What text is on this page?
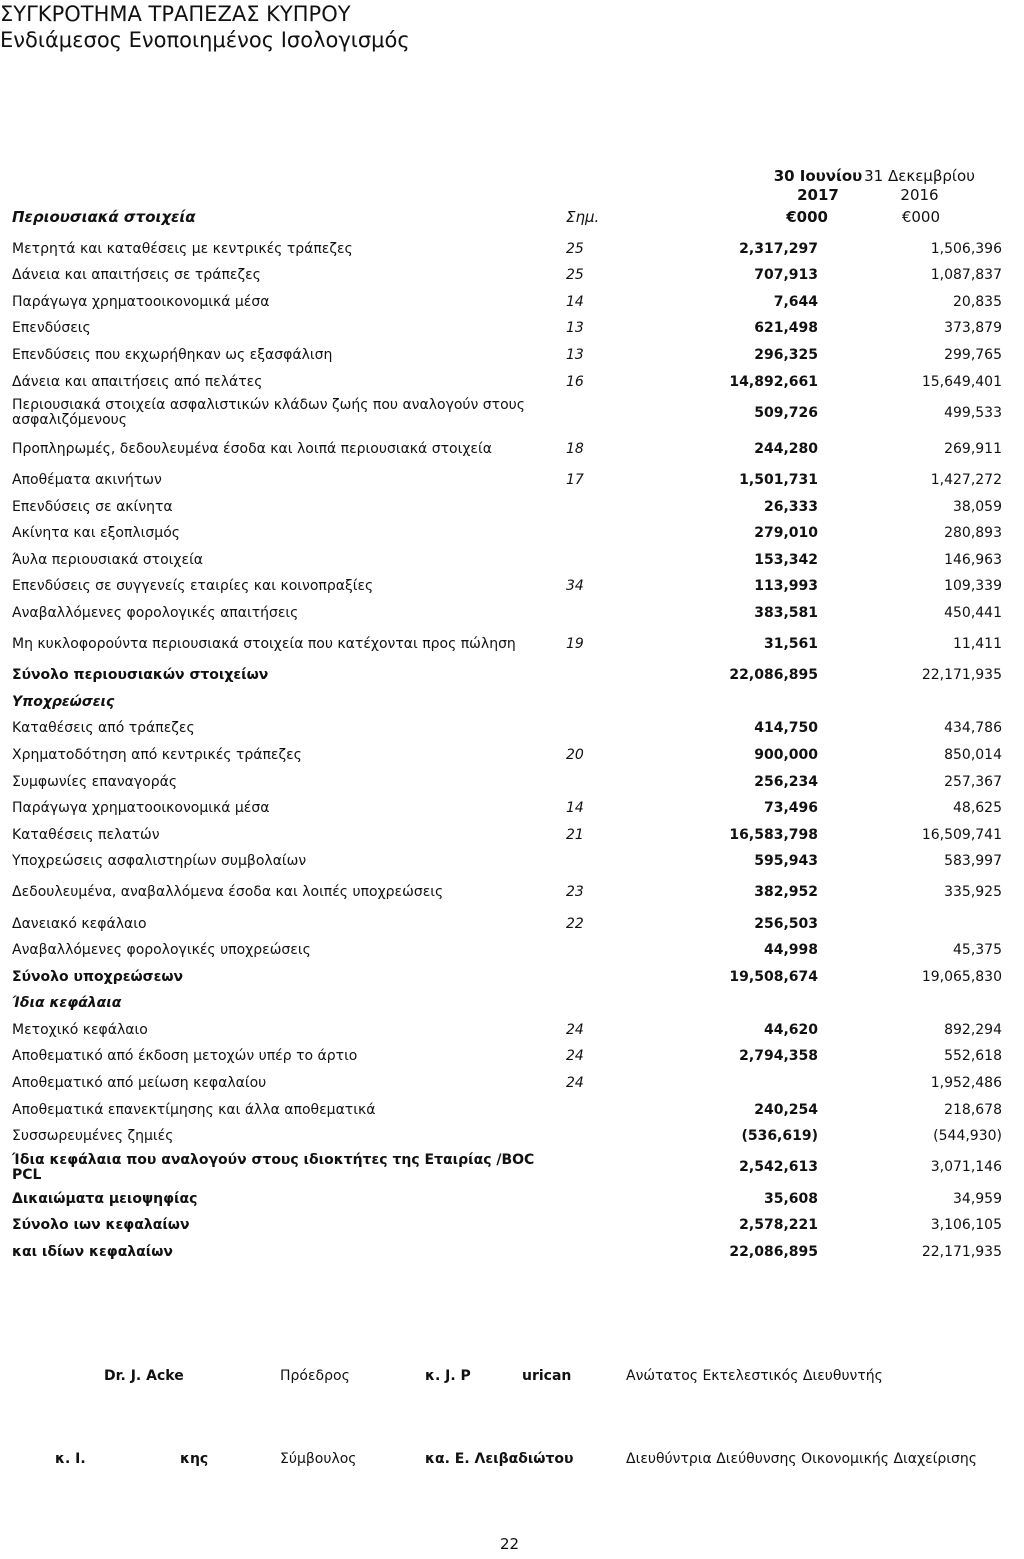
ΣΥΓΚΡΟΤΗΜΑ ΤΡΑΠΕΖΑΣ ΚΥΠΡΟΥ
Ενδιάμεσος Ενοποιημένος Ισολογισμός
30 Ιουνίου
2017
31 Δεκεμβρίου
2016
Περιουσιακά στοιχεία	Σημ.	€000	€000
Μετρητά και καταθέσεις με κεντρικές τράπεζες	25	2,317,297	1,506,396
Δάνεια και απαιτήσεις σε τράπεζες	25	707,913	1,087,837
Παράγωγα χρηματοοικονομικά μέσα	14	7,644	20,835
Επενδύσεις	13	621,498	373,879
Επενδύσεις που εκχωρήθηκαν ως εξασφάλιση	13	296,325	299,765
Δάνεια και απαιτήσεις από πελάτες	16	14,892,661	15,649,401
Περιουσιακά στοιχεία ασφαλιστικών κλάδων ζωής που αναλογούν στους ασφαλιζόμενους		509,726	499,533
Προπληρωμές, δεδουλευμένα έσοδα και λοιπά περιουσιακά στοιχεία	18	244,280	269,911
Αποθέματα ακινήτων	17	1,501,731	1,427,272
Επενδύσεις σε ακίνητα		26,333	38,059
Ακίνητα και εξοπλισμός		279,010	280,893
Άυλα περιουσιακά στοιχεία		153,342	146,963
Επενδύσεις σε συγγενείς εταιρίες και κοινοπραξίες	34	113,993	109,339
Αναβαλλόμενες φορολογικές απαιτήσεις		383,581	450,441
Μη κυκλοφορούντα περιουσιακά στοιχεία που κατέχονται προς πώληση	19	31,561	11,411
Σύνολο περιουσιακών στοιχείων		22,086,895	22,171,935
Υποχρεώσεις			
Καταθέσεις από τράπεζες		414,750	434,786
Χρηματοδότηση από κεντρικές τράπεζες	20	900,000	850,014
Συμφωνίες επαναγοράς		256,234	257,367
Παράγωγα χρηματοοικονομικά μέσα	14	73,496	48,625
Καταθέσεις πελατών	21	16,583,798	16,509,741
Υποχρεώσεις ασφαλιστηρίων συμβολαίων		595,943	583,997
Δεδουλευμένα, αναβαλλόμενα έσοδα και λοιπές υποχρεώσεις	23	382,952	335,925
Δανειακό κεφάλαιο	22	256,503	
Αναβαλλόμενες φορολογικές υποχρεώσεις		44,998	45,375
Σύνολο υποχρεώσεων		19,508,674	19,065,830
Ίδια κεφάλαια			
Μετοχικό κεφάλαιο	24	44,620	892,294
Αποθεματικό από έκδοση μετοχών υπέρ το άρτιο	24	2,794,358	552,618
Αποθεματικό από μείωση κεφαλαίου	24		1,952,486
Αποθεματικά επανεκτίμησης και άλλα αποθεματικά		240,254	218,678
Συσσωρευμένες ζημιές		(536,619)	(544,930)
Ίδια κεφάλαια που αναλογούν στους ιδιοκτήτες της Εταιρίας /BOC PCL		2,542,613	3,071,146
Δικαιώματα μειοψηφίας		35,608	34,959
Σύνολο ιων κεφαλαίων		2,578,221	3,106,105
και ιδίων κεφαλαίων		22,086,895	22,171,935
Dr. J. Acke	Πρόεδρος	κ. J. P	urican	Ανώτατος Εκτελεστικός Διευθυντής
κ. I.	κης	Σύμβουλος	κα. Ε. Λειβαδιώτου	Διευθύντρια Διεύθυνσης Οικονομικής Διαχείρισης
22
